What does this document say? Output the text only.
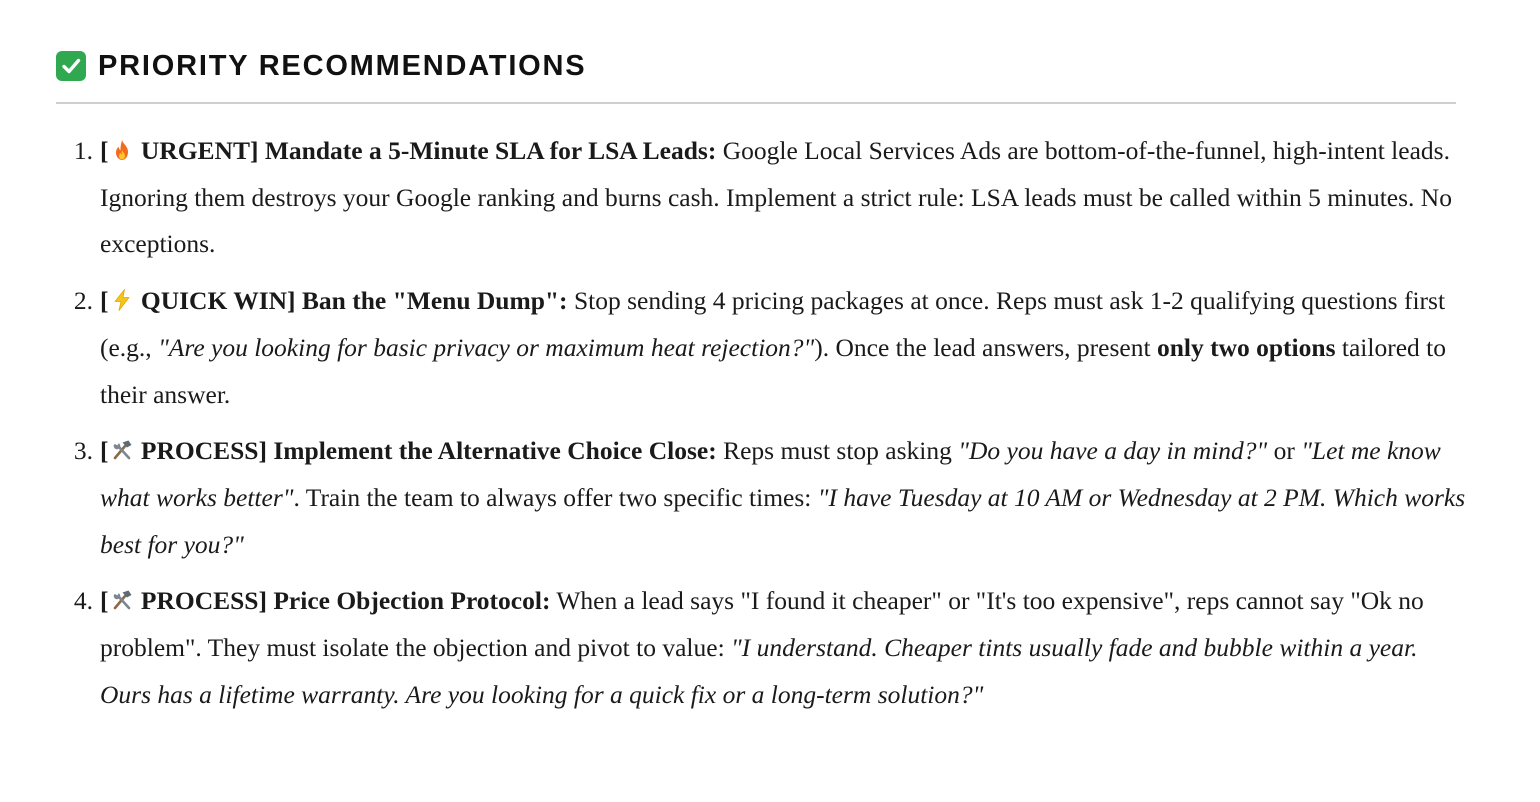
PRIORITY RECOMMENDATIONS
1. [
URGENT] Mandate a 5-Minute SLA for LSA Leads: Google Local Services Ads are bottom-of-the-funnel, high-intent leads. Ignoring them destroys your Google ranking and burns cash. Implement a strict rule: LSA leads must be called within 5 minutes. No exceptions.
2. [
QUICK WIN] Ban the "Menu Dump": Stop sending 4 pricing packages at once. Reps must ask 1-2 qualifying questions first (e.g., "Are you looking for basic privacy or maximum heat rejection?"). Once the lead answers, present only two options tailored to their answer.
3. [
PROCESS] Implement the Alternative Choice Close: Reps must stop asking "Do you have a day in mind?" or "Let me know what works better". Train the team to always offer two specific times: "I have Tuesday at 10 AM or Wednesday at 2 PM. Which works best for you?"
4. [
PROCESS] Price Objection Protocol: When a lead says "I found it cheaper" or "It's too expensive", reps cannot say "Ok no problem". They must isolate the objection and pivot to value: "I understand. Cheaper tints usually fade and bubble within a year. Ours has a lifetime warranty. Are you looking for a quick fix or a long-term solution?"
